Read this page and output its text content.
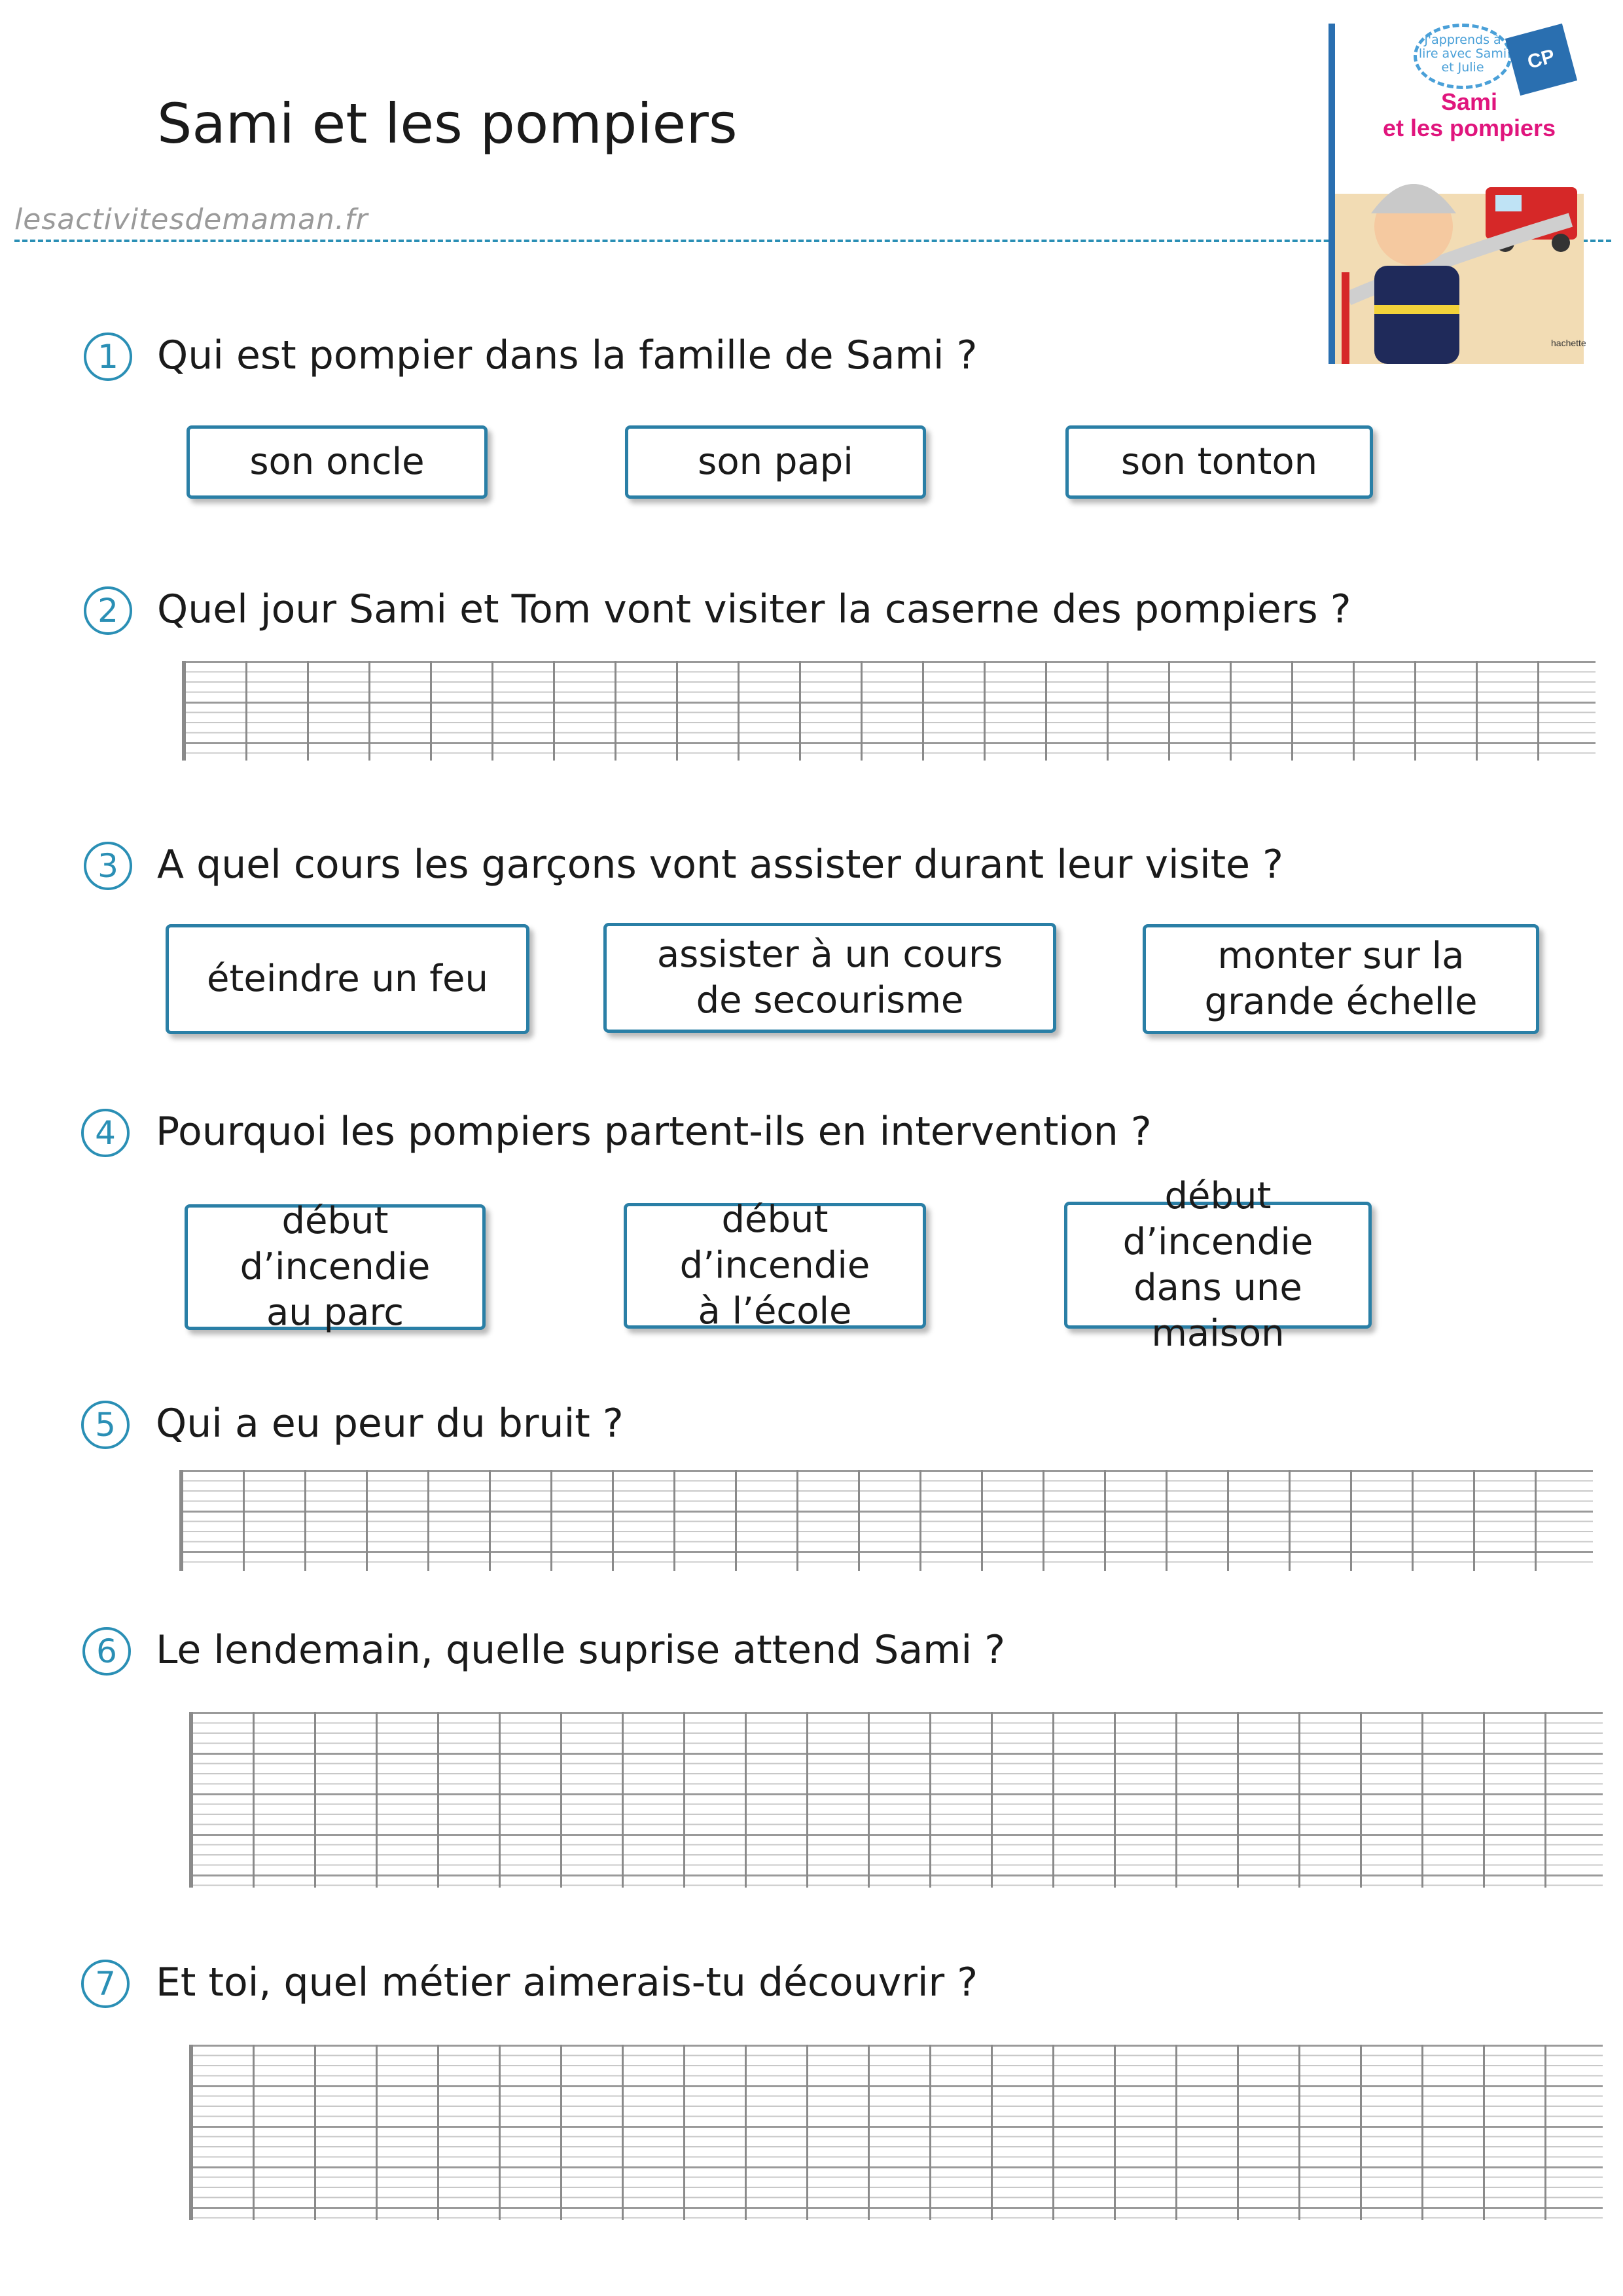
Sami et les pompiers
lesactivitesdemaman.fr
J'apprends à lire avec Sami et Julie	CP
Sami
et les pompiers
hachette
1 Qui est pompier dans la famille de Sami ?
son oncle	son papi	son tonton
2 Quel jour Sami et Tom vont visiter la caserne des pompiers ?
3 A quel cours les garçons vont assister durant leur visite ?
éteindre un feu
assister à un cours
de secourisme
monter sur la
grande échelle
4	Pourquoi les pompiers partent-ils en intervention ?
début d’incendie
au parc
début d’incendie
à l’école
début d’incendie
dans une maison
5	Qui a eu peur du bruit ?
6 Le lendemain, quelle suprise attend Sami ?
7	Et toi, quel métier aimerais-tu découvrir ?
